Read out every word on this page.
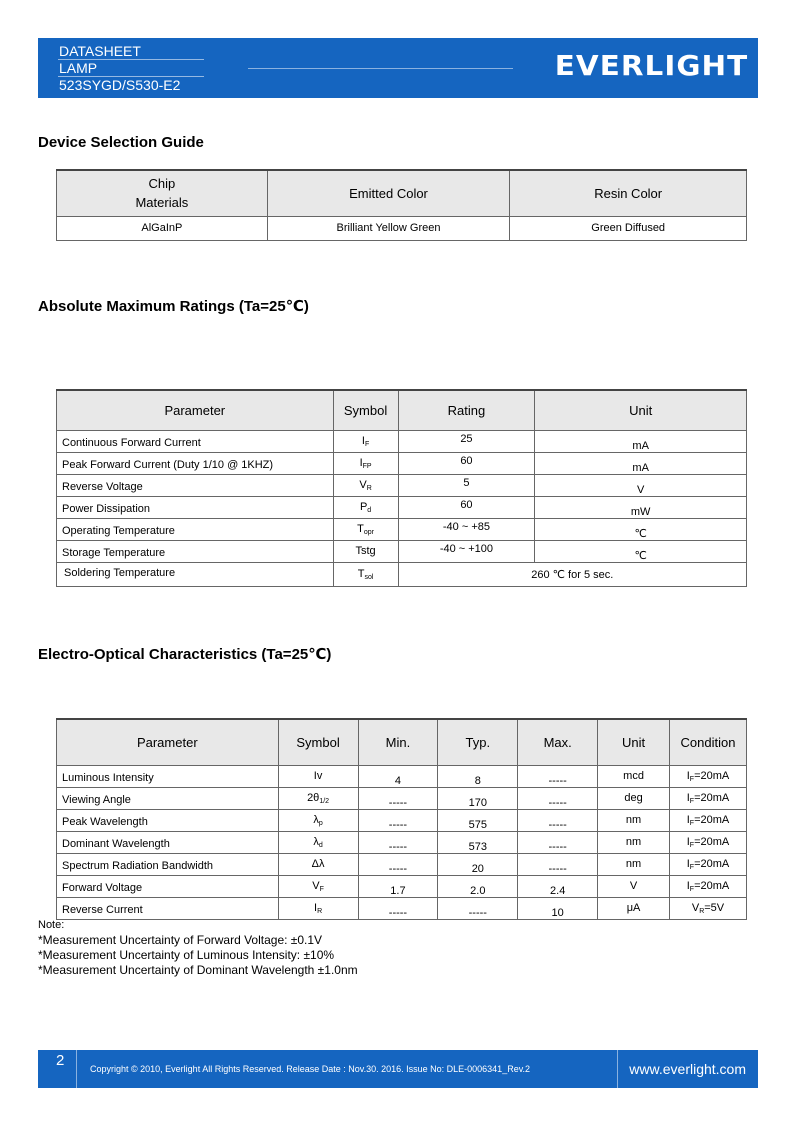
DATASHEET
LAMP
523SYGD/S530-E2
EVERLIGHT
Device Selection Guide
Chip
Materials	Emitted Color	Resin Color
AlGaInP	Brilliant Yellow Green	Green Diffused
Absolute Maximum Ratings (Ta=25℃)
Parameter	Symbol	Rating	Unit
Continuous Forward Current	$I_F$	25	mA
Peak Forward Current (Duty 1/10 @ 1KHZ)	$I_{FP}$	60	mA
Reverse Voltage	$V_R$	5	V
Power Dissipation	$P_d$	60	mW
Operating Temperature	$T_{opr}$	-40 ~ +85	℃
Storage Temperature	Tstg	-40 ~ +100	℃
Soldering Temperature	$T_{sol}$	260 ℃ for 5 sec.	
Electro-Optical Characteristics (Ta=25℃)
Parameter	Symbol	Min.	Typ.	Max.	Unit	Condition
Luminous Intensity	Iv	4	8	-----	mcd	$I_F=20mA$
Viewing Angle	$2\theta_{1/2}$	-----	170	-----	deg	$I_F=20mA$
Peak Wavelength	$\lambda_p$	-----	575	-----	nm	$I_F=20mA$
Dominant Wavelength	$\lambda_d$	-----	573	-----	nm	$I_F=20mA$
Spectrum Radiation Bandwidth	Δλ	-----	20	-----	nm	$I_F=20mA$
Forward Voltage	$V_F$	1.7	2.0	2.4	V	$I_F=20mA$
Reverse Current	$I_R$	-----	-----	10	μA	$V_R=5V$
Note:
*Measurement Uncertainty of Forward Voltage: ±0.1V
*Measurement Uncertainty of Luminous Intensity: ±10%
*Measurement Uncertainty of Dominant Wavelength ±1.0nm
2	Copyright © 2010, Everlight All Rights Reserved. Release Date : Nov.30. 2016. Issue No: DLE-0006341_Rev.2	www.everlight.com
